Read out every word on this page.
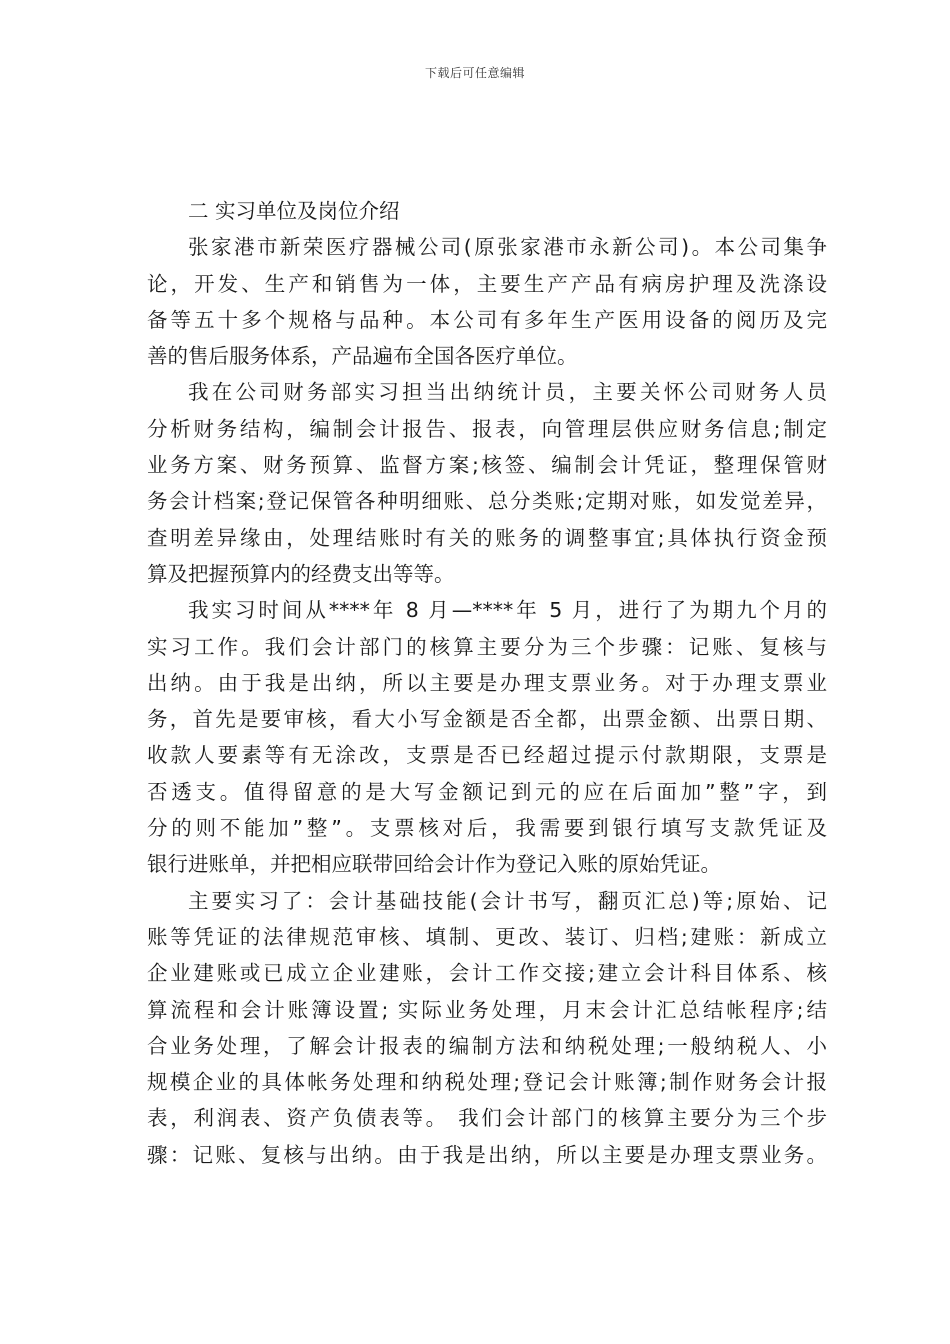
下载后可任意编辑
二 实习单位及岗位介绍
张家港市新荣医疗器械公司(原张家港市永新公司)。本公司集争
论，开发、生产和销售为一体，主要生产产品有病房护理及洗涤设
备等五十多个规格与品种。本公司有多年生产医用设备的阅历及完
善的售后服务体系，产品遍布全国各医疗单位。
我在公司财务部实习担当出纳统计员，主要关怀公司财务人员
分析财务结构，编制会计报告、报表，向管理层供应财务信息;制定
业务方案、财务预算、监督方案;核签、编制会计凭证，整理保管财
务会计档案;登记保管各种明细账、总分类账;定期对账，如发觉差异，
查明差异缘由，处理结账时有关的账务的调整事宜;具体执行资金预
算及把握预算内的经费支出等等。
我实习时间从****年 8 月—****年 5 月，进行了为期九个月的
实习工作。我们会计部门的核算主要分为三个步骤：记账、复核与
出纳。由于我是出纳，所以主要是办理支票业务。对于办理支票业
务，首先是要审核，看大小写金额是否全都，出票金额、出票日期、
收款人要素等有无涂改，支票是否已经超过提示付款期限，支票是
否透支。值得留意的是大写金额记到元的应在后面加”整”字，到
分的则不能加”整”。支票核对后，我需要到银行填写支款凭证及
银行进账单，并把相应联带回给会计作为登记入账的原始凭证。
主要实习了：会计基础技能(会计书写，翻页汇总)等;原始、记
账等凭证的法律规范审核、填制、更改、装订、归档;建账：新成立
企业建账或已成立企业建账，会计工作交接;建立会计科目体系、核
算流程和会计账簿设置; 实际业务处理，月末会计汇总结帐程序;结
合业务处理，了解会计报表的编制方法和纳税处理;一般纳税人、小
规模企业的具体帐务处理和纳税处理;登记会计账簿;制作财务会计报
表，利润表、资产负债表等。 我们会计部门的核算主要分为三个步
骤：记账、复核与出纳。由于我是出纳，所以主要是办理支票业务。
